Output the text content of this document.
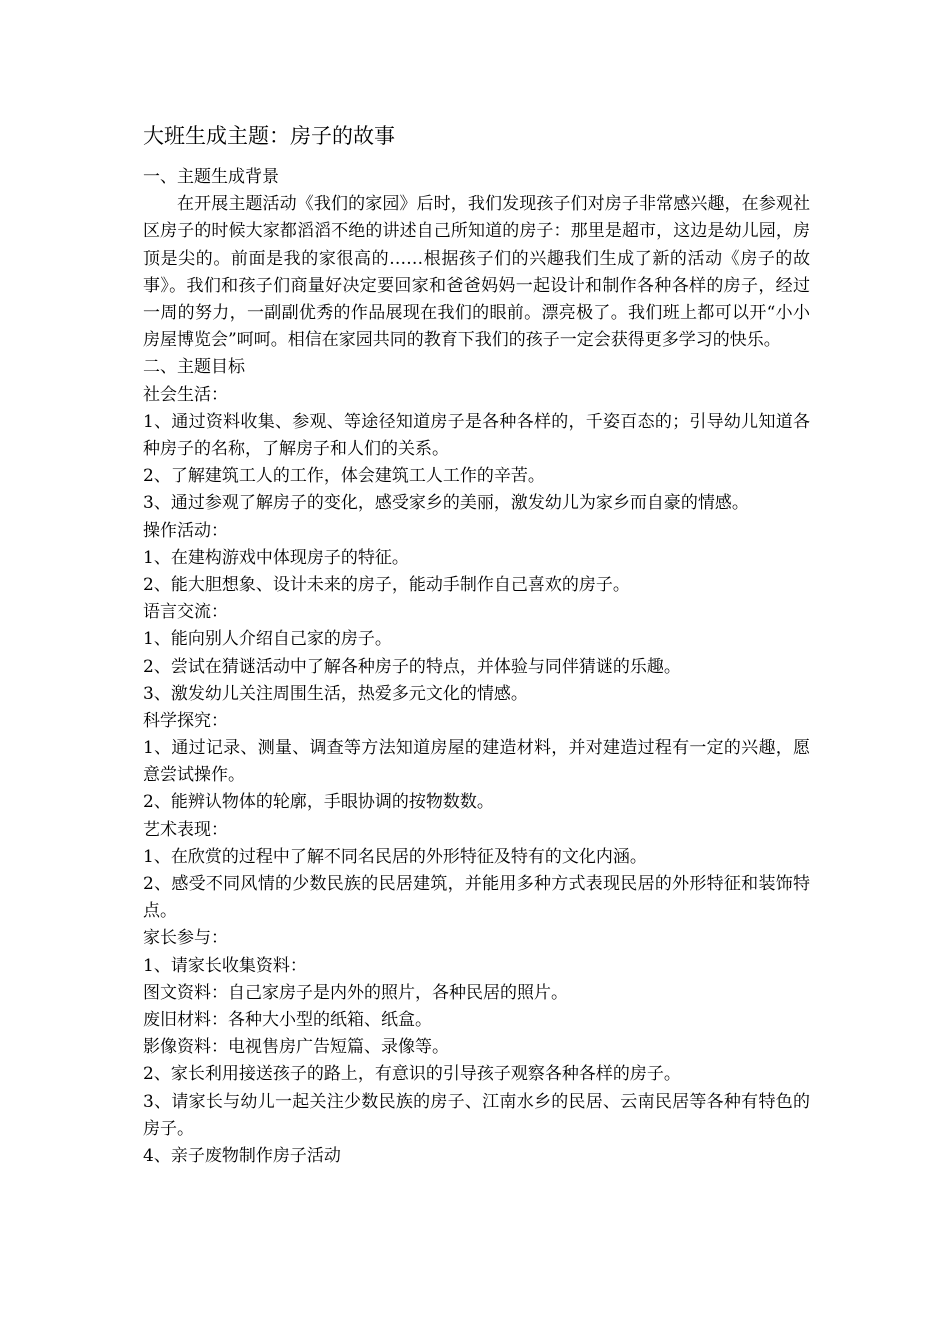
大班生成主题：房子的故事
一、主题生成背景
在开展主题活动《我们的家园》后时，我们发现孩子们对房子非常感兴趣，在参观社区房子的时候大家都滔滔不绝的讲述自己所知道的房子：那里是超市，这边是幼儿园，房顶是尖的。前面是我的家很高的……根据孩子们的兴趣我们生成了新的活动《房子的故事》。我们和孩子们商量好决定要回家和爸爸妈妈一起设计和制作各种各样的房子，经过一周的努力，一副副优秀的作品展现在我们的眼前。漂亮极了。我们班上都可以开“小小房屋博览会”呵呵。相信在家园共同的教育下我们的孩子一定会获得更多学习的快乐。
二、主题目标
社会生活：
1、通过资料收集、参观、等途径知道房子是各种各样的，千姿百态的；引导幼儿知道各种房子的名称，了解房子和人们的关系。
2、了解建筑工人的工作，体会建筑工人工作的辛苦。
3、通过参观了解房子的变化，感受家乡的美丽，激发幼儿为家乡而自豪的情感。
操作活动：
1、在建构游戏中体现房子的特征。
2、能大胆想象、设计未来的房子，能动手制作自己喜欢的房子。
语言交流：
1、能向别人介绍自己家的房子。
2、尝试在猜谜活动中了解各种房子的特点，并体验与同伴猜谜的乐趣。
3、激发幼儿关注周围生活，热爱多元文化的情感。
科学探究：
1、通过记录、测量、调查等方法知道房屋的建造材料，并对建造过程有一定的兴趣，愿意尝试操作。
2、能辨认物体的轮廓，手眼协调的按物数数。
艺术表现：
1、在欣赏的过程中了解不同名民居的外形特征及特有的文化内涵。
2、感受不同风情的少数民族的民居建筑，并能用多种方式表现民居的外形特征和装饰特点。
家长参与：
1、请家长收集资料：
图文资料：自己家房子是内外的照片，各种民居的照片。
废旧材料：各种大小型的纸箱、纸盒。
影像资料：电视售房广告短篇、录像等。
2、家长利用接送孩子的路上，有意识的引导孩子观察各种各样的房子。
3、请家长与幼儿一起关注少数民族的房子、江南水乡的民居、云南民居等各种有特色的房子。
4、亲子废物制作房子活动
